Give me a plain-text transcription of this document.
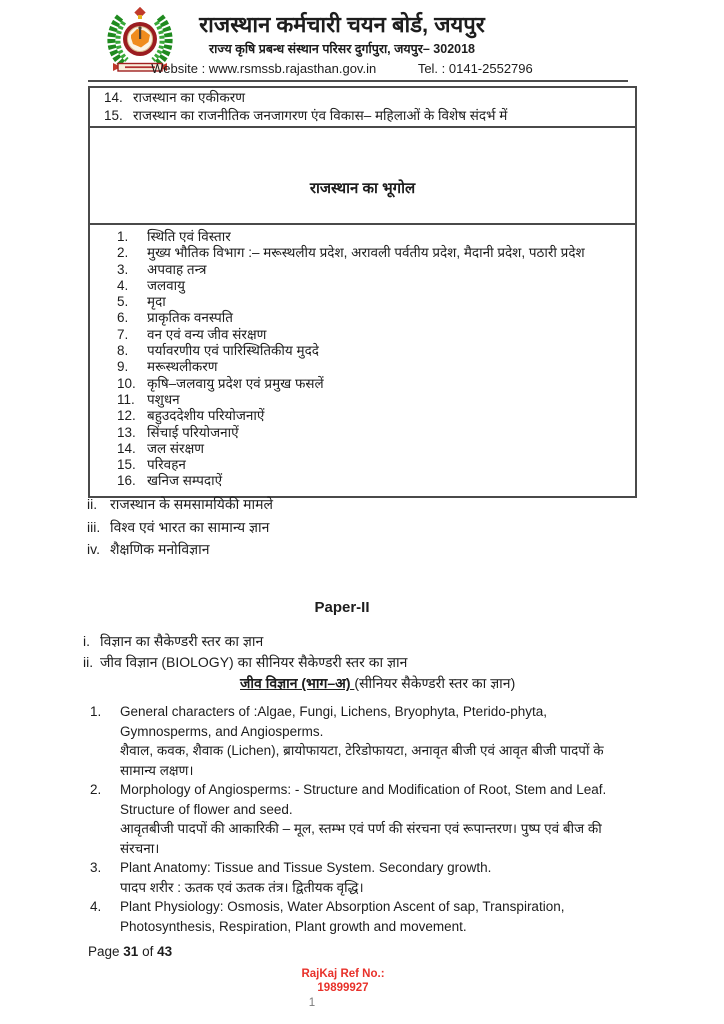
राजस्थान कर्मचारी चयन बोर्ड, जयपुर
राज्य कृषि प्रबन्ध संस्थान परिसर दुर्गापुरा, जयपुर– 302018
Website : www.rsmssb.rajasthan.gov.in	Tel. : 0141-2552796
14. राजस्थान का एकीकरण
15. राजस्थान का राजनीतिक जनजागरण एंव विकास– महिलाओं के विशेष संदर्भ में
राजस्थान का भूगोल
1.	स्थिति एवं विस्तार
2.	मुख्य भौतिक विभाग :– मरूस्थलीय प्रदेश, अरावली पर्वतीय प्रदेश, मैदानी प्रदेश, पठारी प्रदेश
3.	अपवाह तन्त्र
4.	जलवायु
5.	मृदा
6.	प्राकृतिक वनस्पति
7.	वन एवं वन्य जीव संरक्षण
8.	पर्यावरणीय एवं पारिस्थितिकीय मुददे
9.	मरूस्थलीकरण
10. कृषि–जलवायु प्रदेश एवं प्रमुख फसलें
11. पशुधन
12. बहुउददेशीय परियोजनाऐं
13. सिंचाई परियोजनाऐं
14. जल संरक्षण
15. परिवहन
16. खनिज सम्पदाऐं
ii. राजस्थान के समसामयिकी मामले
iii. विश्व एवं भारत का सामान्य ज्ञान
iv. शैक्षणिक मनोविज्ञान
Paper-II
i. विज्ञान का सैकेण्डरी स्तर का ज्ञान
ii. जीव विज्ञान (BIOLOGY) का सीनियर सैकेण्डरी स्तर का ज्ञान
जीव विज्ञान (भाग–अ) (सीनियर सैकेण्डरी स्तर का ज्ञान)
1.	General characters of :Algae, Fungi, Lichens, Bryophyta, Pterido-phyta, Gymnosperms, and Angiosperms.
शैवाल, कवक, शैवाक (Lichen), ब्रायोफायटा, टेरिडोफायटा, अनावृत बीजी एवं आवृत बीजी पादपों के सामान्य लक्षण।
2.	Morphology of Angiosperms: - Structure and Modification of Root, Stem and Leaf. Structure of flower and seed.
आवृतबीजी पादपों की आकारिकी – मूल, स्तम्भ एवं पर्ण की संरचना एवं रूपान्तरण। पुष्प एवं बीज की संरचना।
3.	Plant Anatomy: Tissue and Tissue System. Secondary growth.
पादप शरीर : ऊतक एवं ऊतक तंत्र। द्वितीयक वृद्धि।
4.	Plant Physiology: Osmosis, Water Absorption Ascent of sap, Transpiration, Photosynthesis, Respiration, Plant growth and movement.
Page 31 of 43
RajKaj Ref No.:
19899927
1
